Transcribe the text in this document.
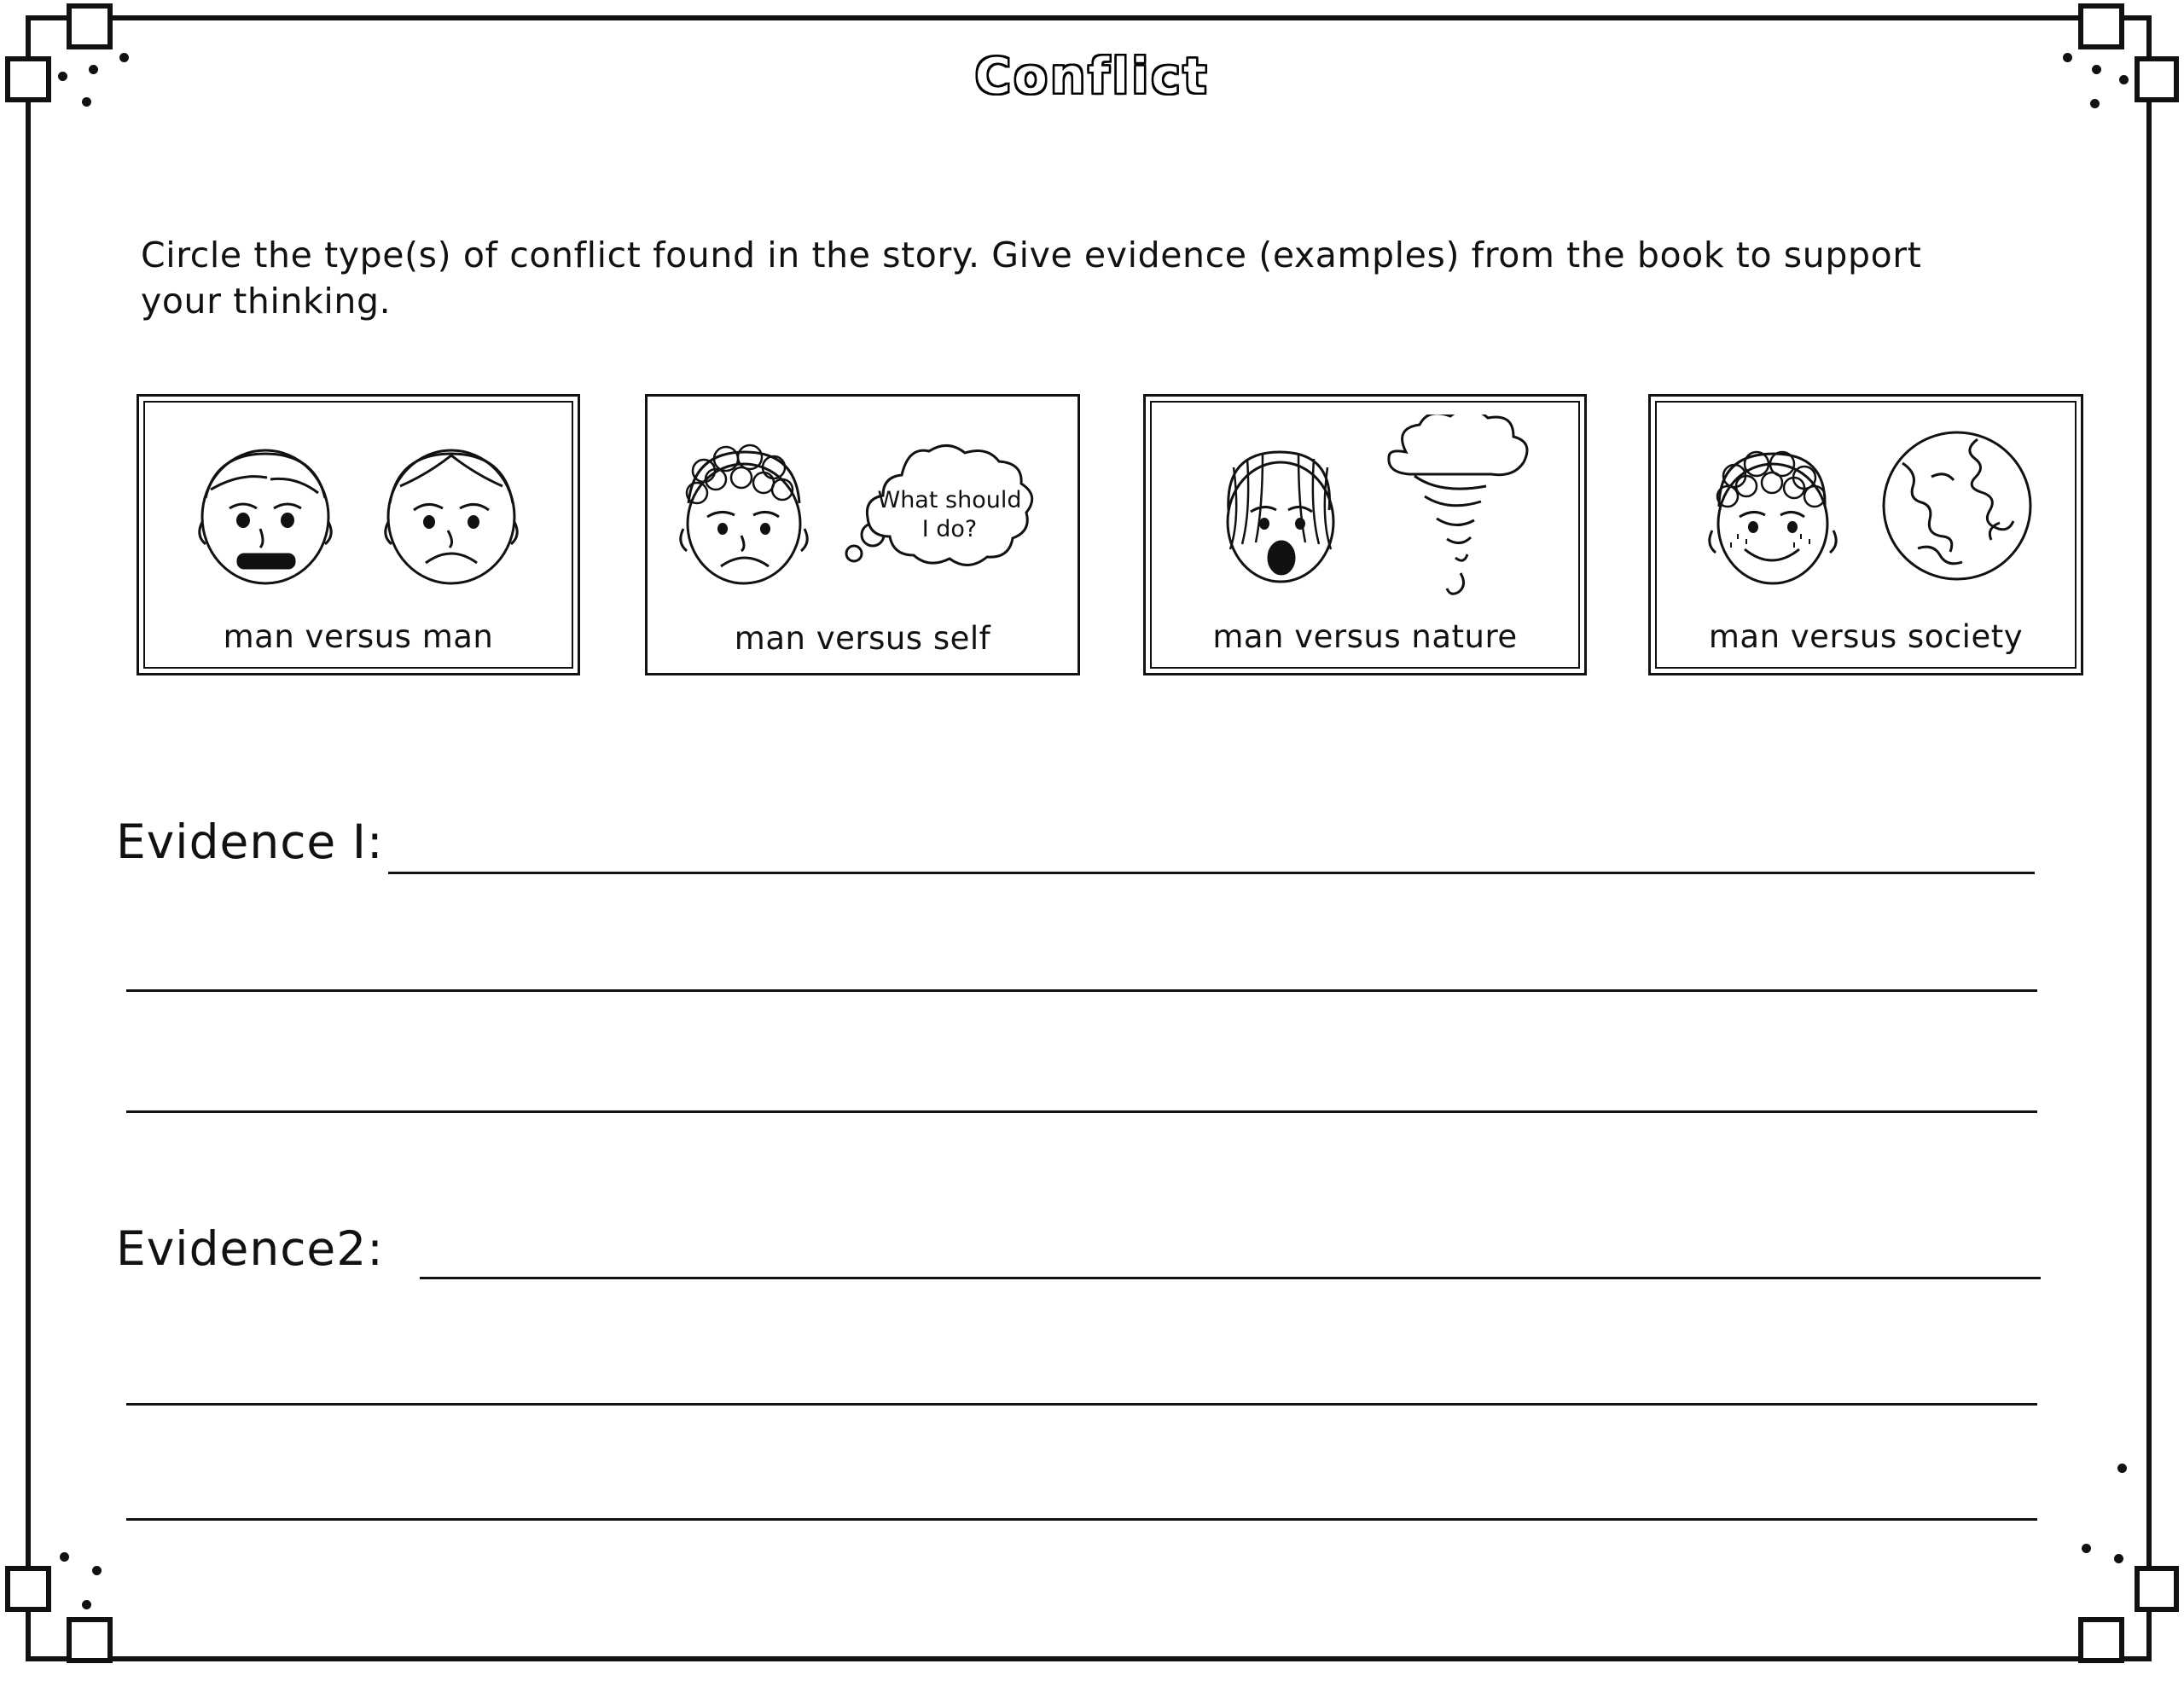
Conflict
Circle the type(s) of conflict found in the story. Give evidence (examples) from the book to support your thinking.
man versus man
What should
I do?
man versus self	man versus nature	man versus society
Evidence I:
Evidence2:
